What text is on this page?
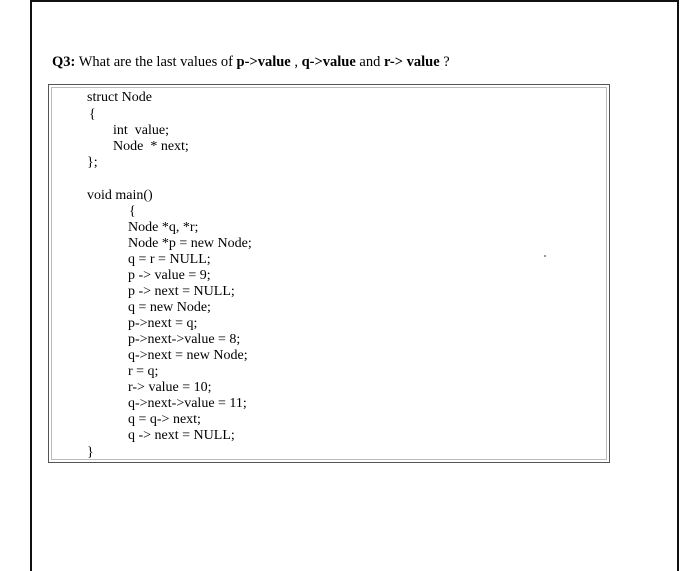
Q3: What are the last values of p->value , q->value and r-> value ?
struct Node
{
int  value;
Node  * next;
};
void main()
{
Node *q, *r;
Node *p = new Node;
q = r = NULL;
p -> value = 9;
p -> next = NULL;
q = new Node;
p->next = q;
p->next->value = 8;
q->next = new Node;
r = q;
r-> value = 10;
q->next->value = 11;
q = q-> next;
q -> next = NULL;
}
